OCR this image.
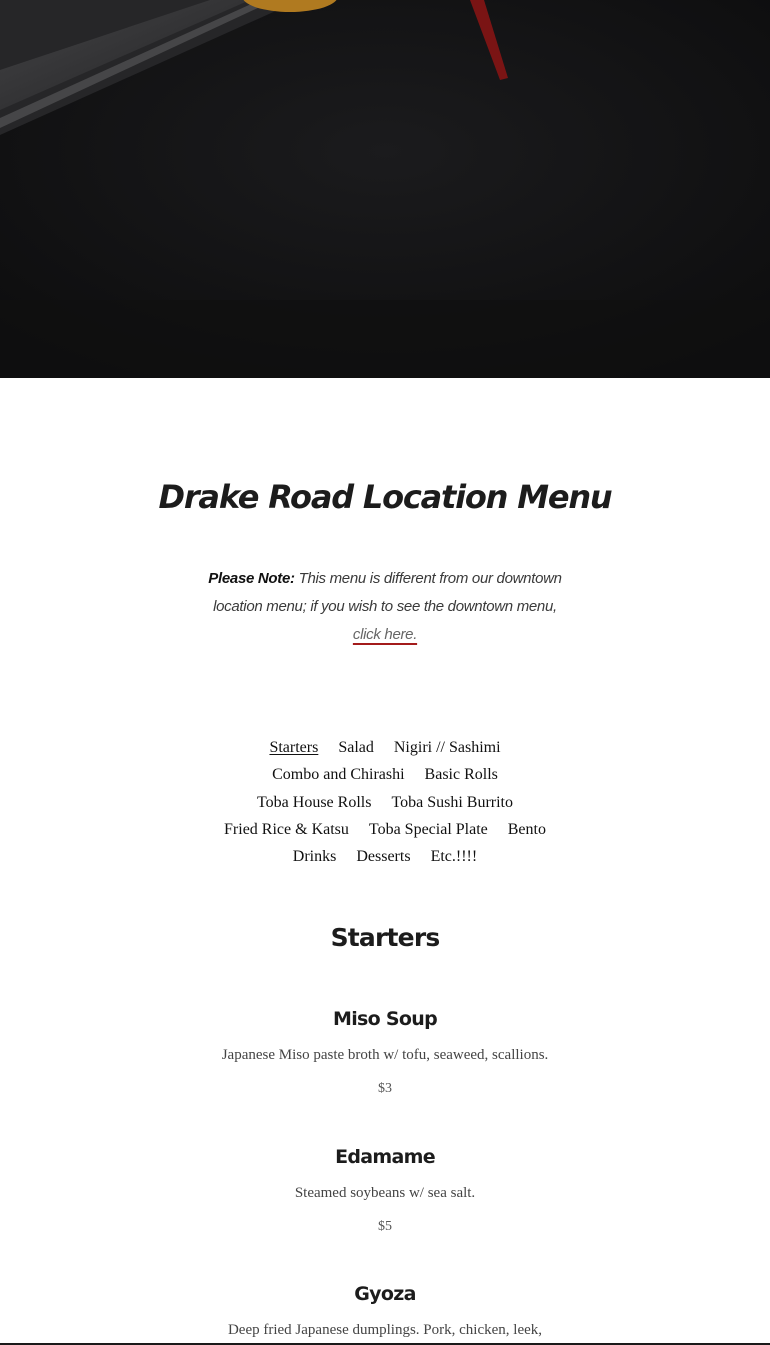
Drake Road Location Menu

Please Note: This menu is different from our downtown location menu; if you wish to see the downtown menu, click here.

Starters Salad Nigiri // Sashimi
Combo and Chirashi Basic Rolls
Toba House Rolls Toba Sushi Burrito
Fried Rice & Katsu Toba Special Plate Bento
Drinks Desserts Etc.!!!!
Starters
Miso Soup

Japanese Miso paste broth w/ tofu, seaweed, scallions.

$3

Edamame

Steamed soybeans w/ sea salt.

$5

Gyoza

Deep fried Japanese dumplings. Pork, chicken, leek,
